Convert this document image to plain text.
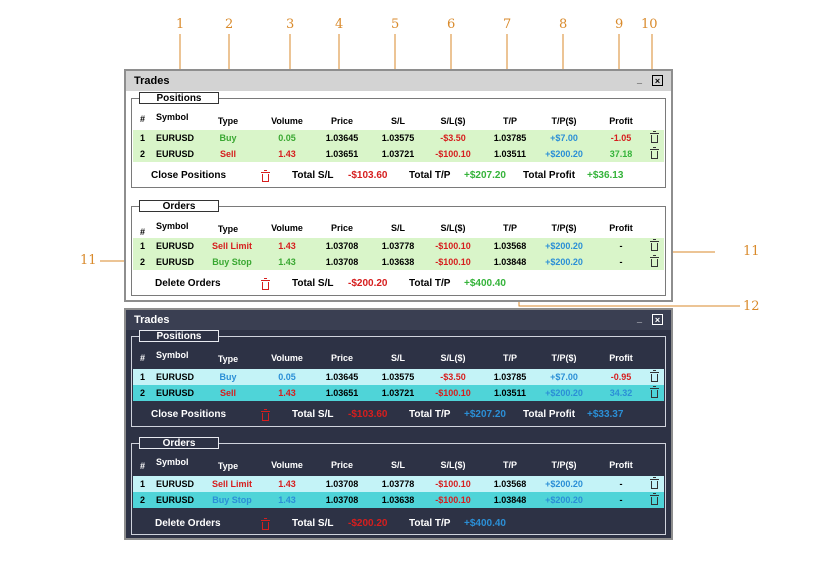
1	2	3	4	5	6	7	8	9 10
11
11
12
Trades	_	×
Positions
# Symbol	Type	Volume	Price	S/L	S/L($)	T/P	T/P($)	Profit
1 EURUSD	Buy	0.05	1.03645	1.03575	-$3.50	1.03785	+$7.00	-1.05
2 EURUSD	Sell	1.43	1.03651	1.03721 -$100.10	1.03511 +$200.20	37.18
Close Positions	Total S/L -$103.60 Total T/P +$207.20 Total Profit +$36.13
Orders
#
Symbol	Type	Volume	Price	S/L	S/L($)	T/P	T/P($)	Profit
1 EURUSD Sell Limit	1.43	1.03708	1.03778 -$100.10	1.03568 +$200.20	-
2 EURUSD Buy Stop	1.43	1.03708	1.03638 -$100.10	1.03848 +$200.20	-
Delete Orders	Total S/L -$200.20 Total T/P +$400.40
Trades	_	×
Positions
# Symbol	Type	Volume	Price	S/L	S/L($)	T/P	T/P($)	Profit
1 EURUSD	Buy	0.05	1.03645	1.03575	-$3.50	1.03785	+$7.00	-0.95
2 EURUSD	Sell	1.43	1.03651	1.03721 -$100.10	1.03511 +$200.20	34.32
Close Positions	Total S/L -$103.60 Total T/P +$207.20 Total Profit +$33.37
Orders
# Symbol	Type	Volume	Price	S/L	S/L($)	T/P	T/P($)	Profit
1 EURUSD Sell Limit	1.43	1.03708	1.03778 -$100.10	1.03568 +$200.20	-
2 EURUSD Buy Stop	1.43	1.03708	1.03638 -$100.10	1.03848 +$200.20	-
Delete Orders	Total S/L -$200.20 Total T/P +$400.40
